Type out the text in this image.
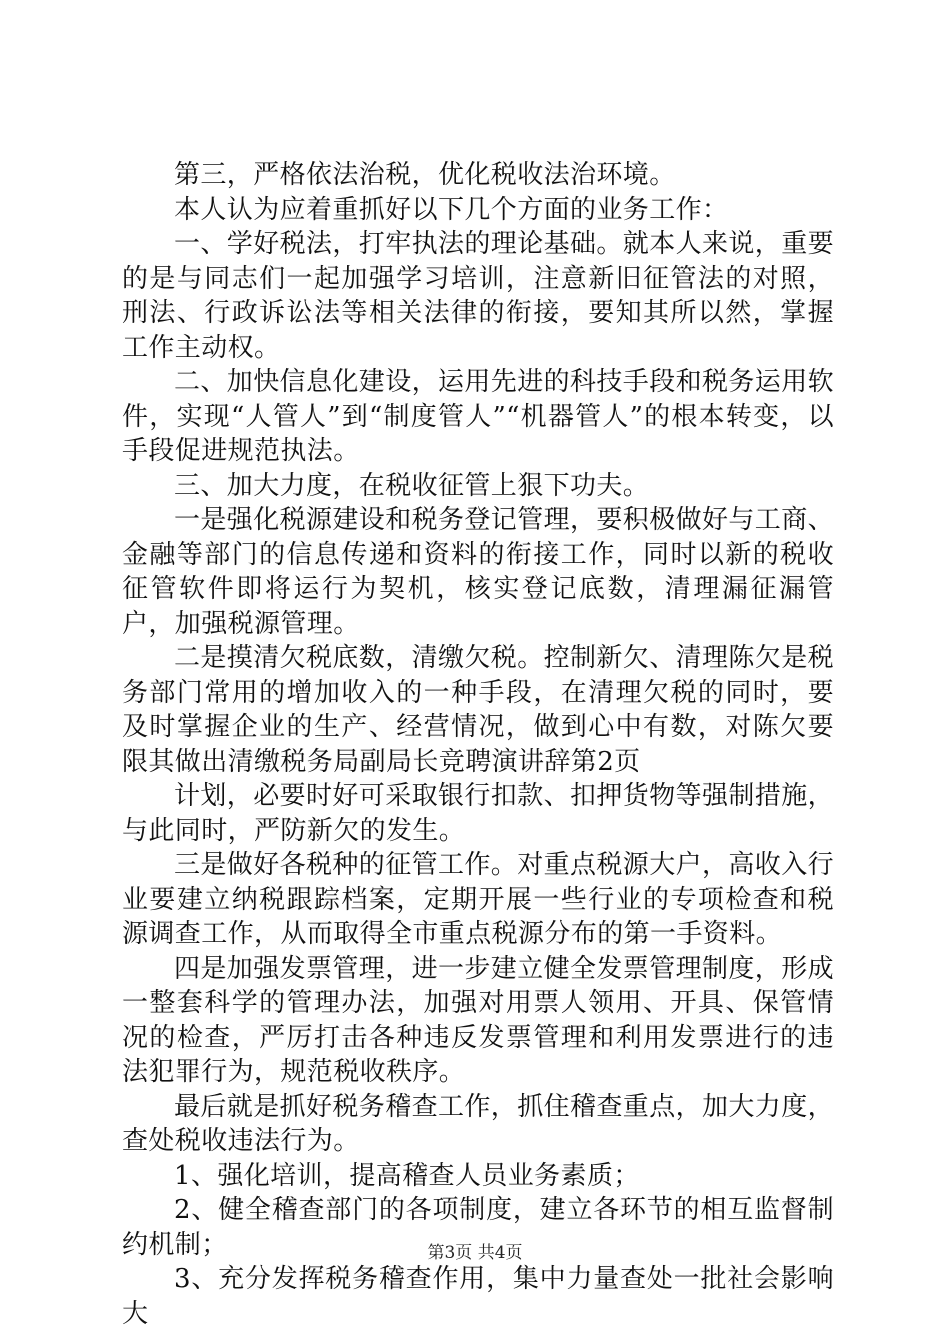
第三，严格依法治税，优化税收法治环境。

本人认为应着重抓好以下几个方面的业务工作：

一、学好税法，打牢执法的理论基础。就本人来说，重要的是与同志们一起加强学习培训，注意新旧征管法的对照，刑法、行政诉讼法等相关法律的衔接，要知其所以然，掌握工作主动权。

二、加快信息化建设，运用先进的科技手段和税务运用软件，实现“人管人”到“制度管人”“机器管人”的根本转变，以手段促进规范执法。

三、加大力度，在税收征管上狠下功夫。

一是强化税源建设和税务登记管理，要积极做好与工商、金融等部门的信息传递和资料的衔接工作，同时以新的税收征管软件即将运行为契机，核实登记底数，清理漏征漏管户，加强税源管理。

二是摸清欠税底数，清缴欠税。控制新欠、清理陈欠是税务部门常用的增加收入的一种手段，在清理欠税的同时，要及时掌握企业的生产、经营情况，做到心中有数，对陈欠要限其做出清缴税务局副局长竞聘演讲辞第2页

计划，必要时好可采取银行扣款、扣押货物等强制措施，与此同时，严防新欠的发生。

三是做好各税种的征管工作。对重点税源大户，高收入行业要建立纳税跟踪档案，定期开展一些行业的专项检查和税源调查工作，从而取得全市重点税源分布的第一手资料。

四是加强发票管理，进一步建立健全发票管理制度，形成一整套科学的管理办法，加强对用票人领用、开具、保管情况的检查，严厉打击各种违反发票管理和利用发票进行的违法犯罪行为，规范税收秩序。

最后就是抓好税务稽查工作，抓住稽查重点，加大力度，查处税收违法行为。

1、强化培训，提高稽查人员业务素质；

2、健全稽查部门的各项制度，建立各环节的相互监督制约机制；

3、充分发挥税务稽查作用，集中力量查处一批社会影响大

第3页 共4页
